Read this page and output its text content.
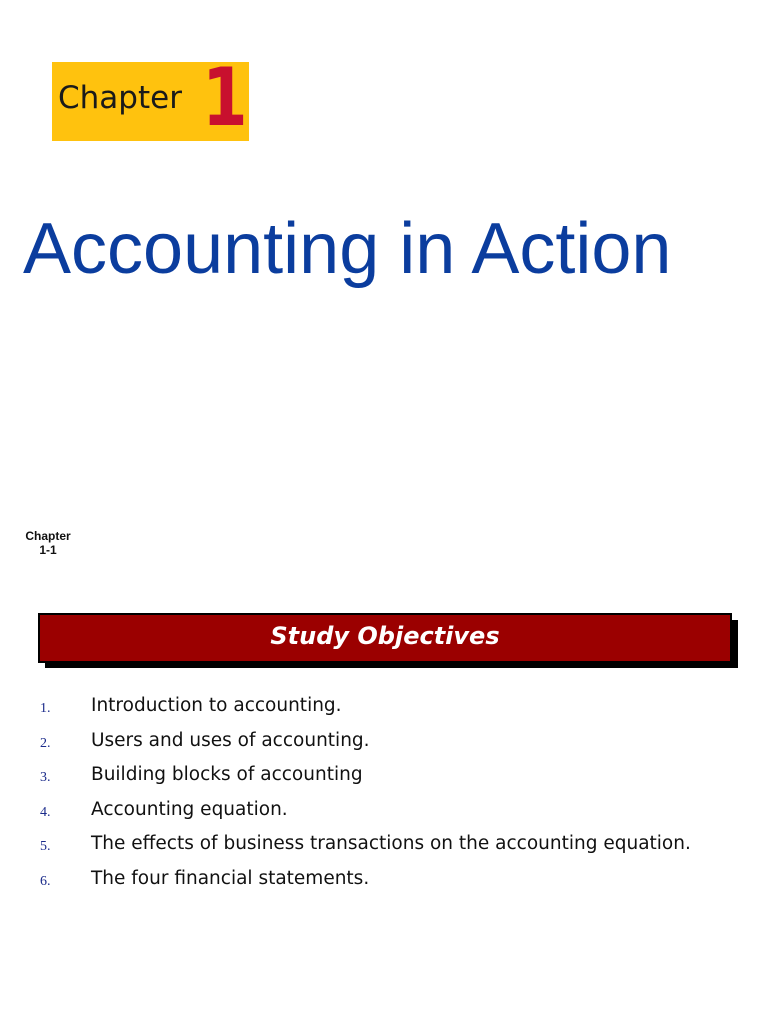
Chapter 1
Accounting in Action
Chapter
1-1
Study Objectives
1.	Introduction to accounting.
2.	Users and uses of accounting.
3.	Building blocks of accounting
4.	Accounting equation.
5.	The effects of business transactions on the accounting equation.
6.	The four financial statements.
